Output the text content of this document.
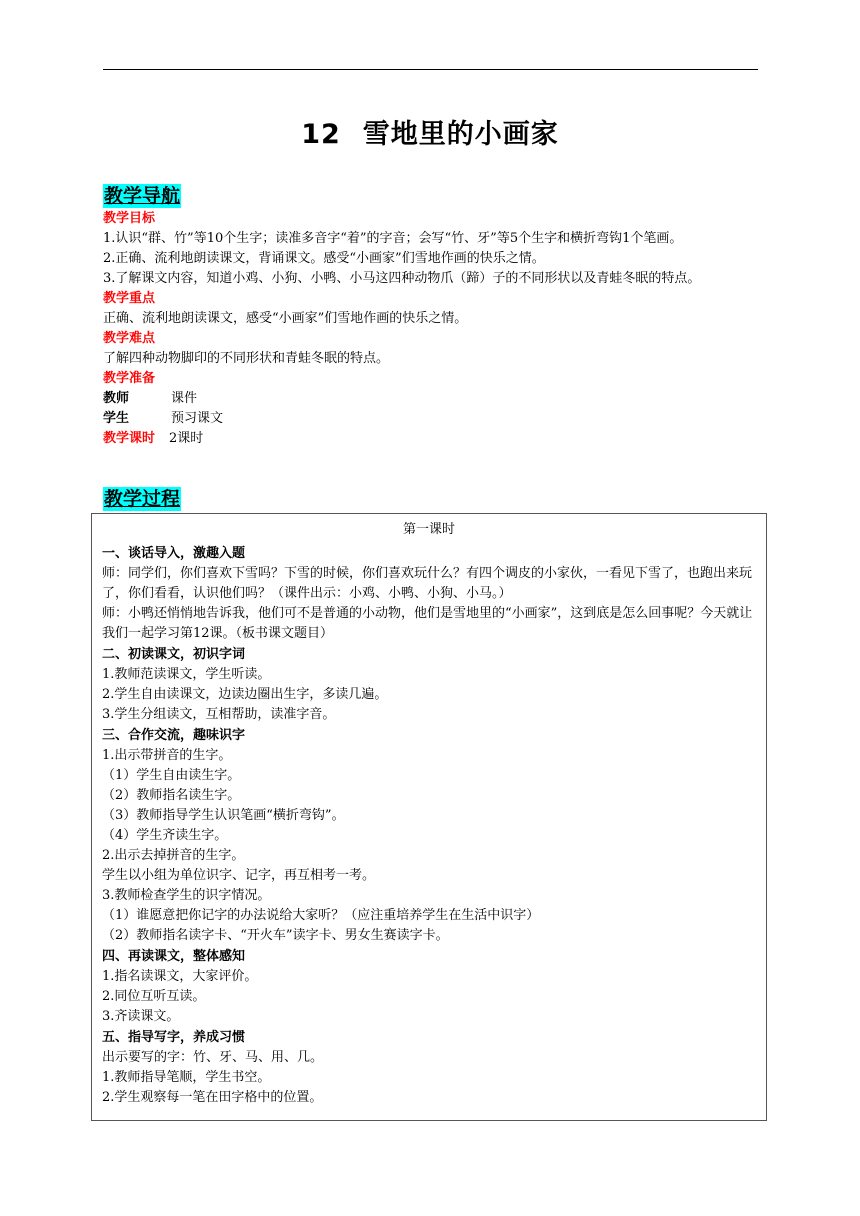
12 雪地里的小画家
教学导航
教学目标

1.认识“群、竹”等10个生字；读准多音字“着”的字音；会写“竹、牙”等5个生字和横折弯钩1个笔画。

2.正确、流利地朗读课文，背诵课文。感受“小画家”们雪地作画的快乐之情。

3.了解课文内容，知道小鸡、小狗、小鸭、小马这四种动物爪（蹄）子的不同形状以及青蛙冬眠的特点。

教学重点

正确、流利地朗读课文，感受“小画家”们雪地作画的快乐之情。

教学难点

了解四种动物脚印的不同形状和青蛙冬眠的特点。

教学准备
教师	课件
学生	预习课文
教学课时 2课时
教学过程
第一课时
一、谈话导入，激趣入题

师：同学们，你们喜欢下雪吗？下雪的时候，你们喜欢玩什么？有四个调皮的小家伙，一看见下雪了，也跑出来玩了，你们看看，认识他们吗？（课件出示：小鸡、小鸭、小狗、小马。）

师：小鸭还悄悄地告诉我，他们可不是普通的小动物，他们是雪地里的“小画家”，这到底是怎么回事呢？今天就让我们一起学习第12课。（板书课文题目）

二、初读课文，初识字词

1.教师范读课文，学生听读。

2.学生自由读课文，边读边圈出生字，多读几遍。

3.学生分组读文，互相帮助，读准字音。

三、合作交流，趣味识字

1.出示带拼音的生字。

（1）学生自由读生字。

（2）教师指名读生字。

（3）教师指导学生认识笔画“横折弯钩”。

（4）学生齐读生字。

2.出示去掉拼音的生字。

学生以小组为单位识字、记字，再互相考一考。

3.教师检查学生的识字情况。

（1）谁愿意把你记字的办法说给大家听？（应注重培养学生在生活中识字）

（2）教师指名读字卡、“开火车”读字卡、男女生赛读字卡。

四、再读课文，整体感知

1.指名读课文，大家评价。

2.同位互听互读。

3.齐读课文。

五、指导写字，养成习惯

出示要写的字：竹、牙、马、用、几。

1.教师指导笔顺，学生书空。

2.学生观察每一笔在田字格中的位置。
